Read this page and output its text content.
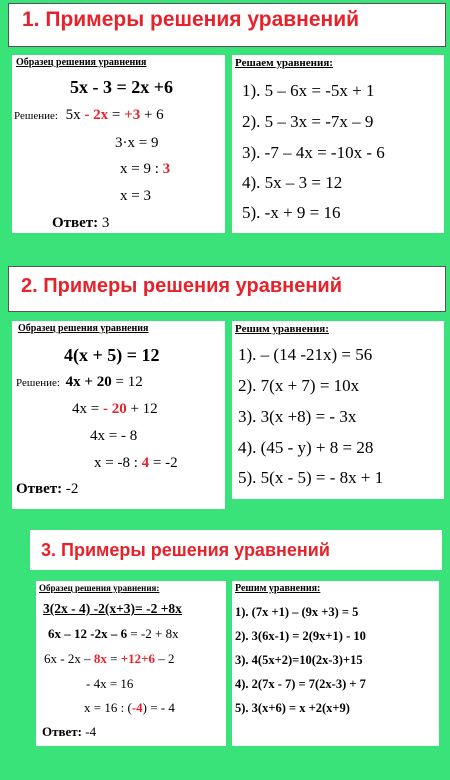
1. Примеры решения уравнений
Образец решения уравнения
5x - 3 = 2x +6
Решение: 5x - 2x = +3 + 6
3·x = 9
x = 9 : 3
x = 3
Ответ: 3
Решаем уравнения:
1). 5 – 6x = -5x + 1
2). 5 – 3x = -7x – 9
3). -7 – 4x = -10x - 6
4). 5x – 3 = 12
5). -x + 9 = 16
2. Примеры решения уравнений
Образец решения уравнения
4(x + 5) = 12
Решение: 4x + 20 = 12
4x = - 20 + 12
4x = - 8
x = -8 : 4 = -2
Ответ: -2
Решим уравнения:
1). – (14 -21x) = 56
2). 7(x + 7) = 10x
3). 3(x +8) = - 3x
4). (45 - y) + 8 = 28
5). 5(x - 5) = - 8x + 1
3. Примеры решения уравнений
Образец решения уравнения:
3(2x - 4) -2(x+3)= -2 +8x
6x – 12 -2x – 6 = -2 + 8x
6x - 2x – 8x = +12+6 – 2
- 4x = 16
x = 16 : (-4) = - 4
Ответ: -4
Решим уравнения:
1). (7x +1) – (9x +3) = 5
2). 3(6x-1) = 2(9x+1) - 10
3). 4(5x+2)=10(2x-3)+15
4). 2(7x - 7) = 7(2x-3) + 7
5). 3(x+6) = x +2(x+9)
